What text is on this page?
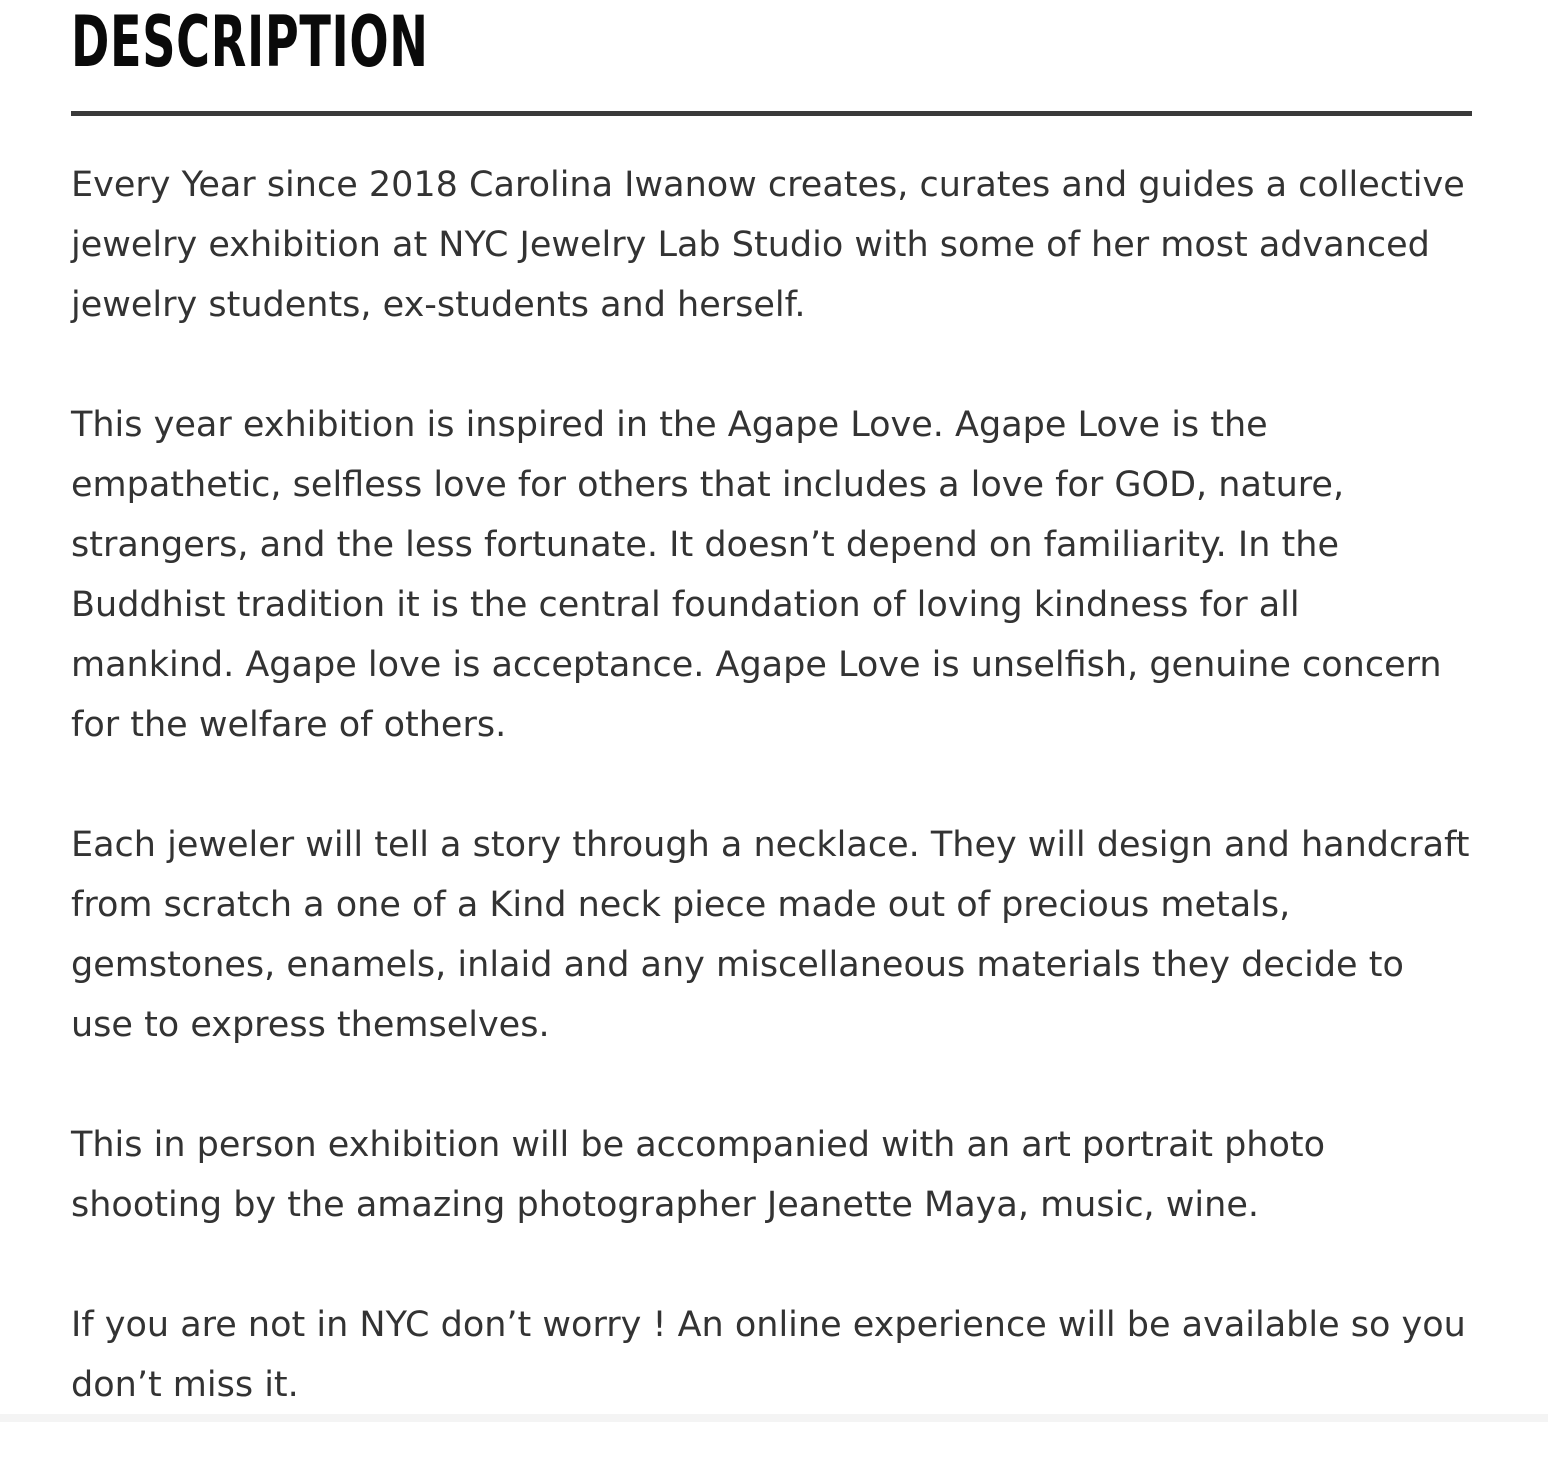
DESCRIPTION

Every Year since 2018 Carolina Iwanow creates, curates and guides a collective jewelry exhibition at NYC Jewelry Lab Studio with some of her most advanced jewelry students, ex-students and herself.

This year exhibition is inspired in the Agape Love. Agape Love is the empathetic, selfless love for others that includes a love for GOD, nature, strangers, and the less fortunate. It doesn’t depend on familiarity. In the Buddhist tradition it is the central foundation of loving kindness for all mankind. Agape love is acceptance. Agape Love is unselfish, genuine concern for the welfare of others.

Each jeweler will tell a story through a necklace. They will design and handcraft from scratch a one of a Kind neck piece made out of precious metals, gemstones, enamels, inlaid and any miscellaneous materials they decide to use to express themselves.

This in person exhibition will be accompanied with an art portrait photo shooting by the amazing photographer Jeanette Maya, music, wine.

If you are not in NYC don’t worry ! An online experience will be available so you don’t miss it.
